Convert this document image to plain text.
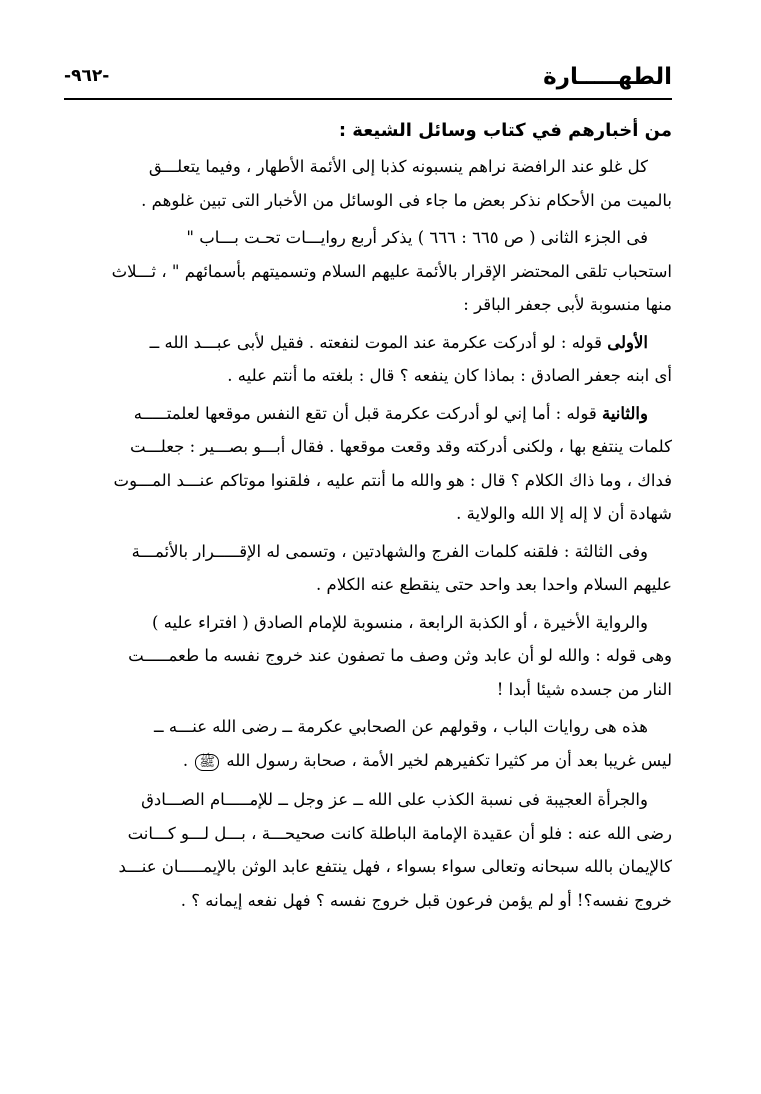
الطهـــــارة
-٩٦٢-
من أخبارهم في كتاب وسائل الشيعة :

كل غلو عند الرافضة نراهم ينسبونه كذبا إلى الأئمة الأطهار ، وفيما يتعلـــق
بالميت من الأحكام نذكر بعض ما جاء فى الوسائل من الأخبار التى تبين غلوهم .

فى الجزء الثانى ( ص ٦٦٥ : ٦٦٦ ) يذكر أربع روايـــات تحـت بـــاب "
استحباب تلقى المحتضر الإقرار بالأئمة عليهم السلام وتسميتهم بأسمائهم " ، ثـــلاث
منها منسوبة لأبى جعفر الباقر :

الأولى قوله : لو أدركت عكرمة عند الموت لنفعته . فقيل لأبى عبـــد الله ــ
أى ابنه جعفر الصادق : بماذا كان ينفعه ؟ قال : بلغته ما أنتم عليه .

والثانية قوله : أما إني لو أدركت عكرمة قبل أن تقع النفس موقعها لعلمتـــــه
كلمات ينتفع بها ، ولكنى أدركته وقد وقعت موقعها . فقال أبـــو بصـــير : جعلـــت
فداك ، وما ذاك الكلام ؟ قال : هو والله ما أنتم عليه ، فلقنوا موتاكم عنـــد المـــوت
شهادة أن لا إله إلا الله والولاية .

وفى الثالثة : فلقنه كلمات الفرج والشهادتين ، وتسمى له الإقـــــرار بالأئمـــة
عليهم السلام واحدا بعد واحد حتى ينقطع عنه الكلام .

والرواية الأخيرة ، أو الكذبة الرابعة ، منسوبة للإمام الصادق ( افتراء عليه )
وهى قوله : والله لو أن عابد وثن وصف ما تصفون عند خروج نفسه ما طعمـــــت
النار من جسده شيئا أبدا !

هذه هى روايات الباب ، وقولهم عن الصحابي عكرمة ــ رضى الله عنـــه ــ
ليس غريبا بعد أن مر كثيرا تكفيرهم لخير الأمة ، صحابة رسول الله ﷺ .

والجرأة العجيبة فى نسبة الكذب على الله ــ عز وجل ــ للإمـــــام الصـــادق
رضى الله عنه : فلو أن عقيدة الإمامة الباطلة كانت صحيحـــة ، بـــل لـــو كـــانت
كالإيمان بالله سبحانه وتعالى سواء بسواء ، فهل ينتفع عابد الوثن بالإيمـــــان عنـــد
خروج نفسه؟! أو لم يؤمن فرعون قبل خروج نفسه ؟ فهل نفعه إيمانه ؟ .
